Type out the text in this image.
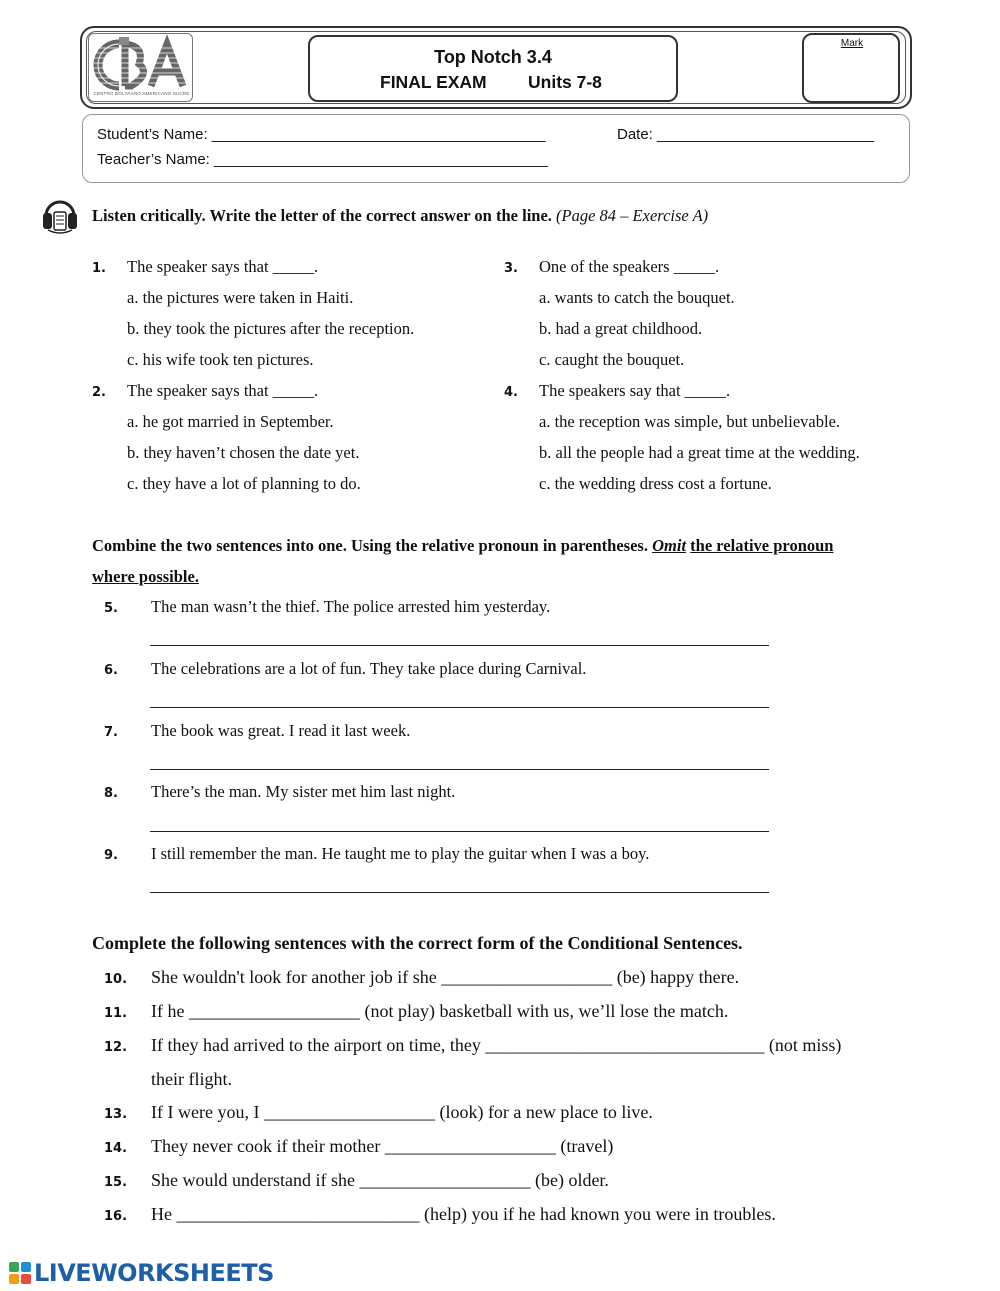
CENTRO BOLIVIANO AMERICANO SUCRE
Top Notch 3.4
FINAL EXAM Units 7-8
Mark
Student’s Name: ________________________________________	Date: __________________________
Teacher’s Name: ________________________________________
Listen critically. Write the letter of the correct answer on the line. (Page 84 – Exercise A)
1. The speaker says that _____.
a. the pictures were taken in Haiti.
b. they took the pictures after the reception.
c. his wife took ten pictures.
2. The speaker says that _____.
a. he got married in September.
b. they haven’t chosen the date yet.
c. they have a lot of planning to do.
3. One of the speakers _____.
a. wants to catch the bouquet.
b. had a great childhood.
c. caught the bouquet.
4. The speakers say that _____.
a. the reception was simple, but unbelievable.
b. all the people had a great time at the wedding.
c. the wedding dress cost a fortune.
Combine the two sentences into one. Using the relative pronoun in parentheses. Omit the relative pronoun
where possible.
5. The man wasn’t the thief. The police arrested him yesterday.
6. The celebrations are a lot of fun. They take place during Carnival.
7. The book was great. I read it last week.
8. There’s the man. My sister met him last night.
9. I still remember the man. He taught me to play the guitar when I was a boy.
Complete the following sentences with the correct form of the Conditional Sentences.
10. She wouldn't look for another job if she ___________________ (be) happy there.
11. If he ___________________ (not play) basketball with us, we’ll lose the match.
12. If they had arrived to the airport on time, they _______________________________ (not miss)
their flight.
13. If I were you, I ___________________ (look) for a new place to live.
14. They never cook if their mother ___________________ (travel)
15. She would understand if she ___________________ (be) older.
16. He ___________________________ (help) you if he had known you were in troubles.
LIVEWORKSHEETS
